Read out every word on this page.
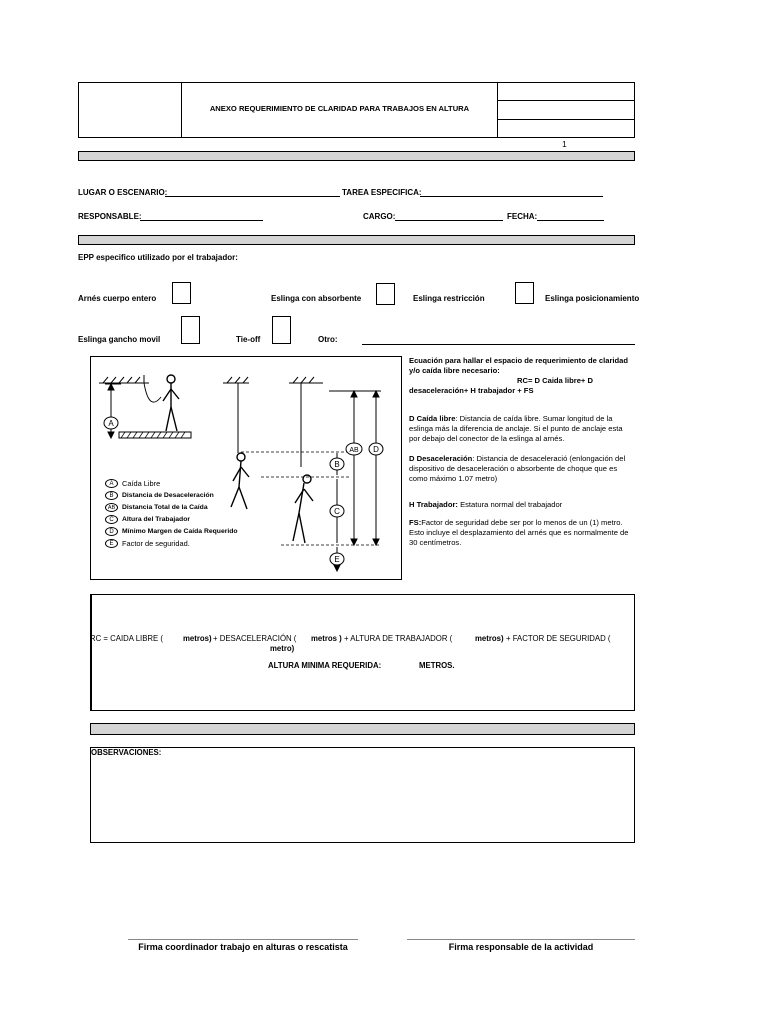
ANEXO REQUERIMIENTO DE CLARIDAD PARA TRABAJOS EN ALTURA
1
LUGAR O ESCENARIO:	TAREA ESPECIFICA:
RESPONSABLE:	CARGO:	FECHA:
EPP especifico utilizado por el trabajador:
Arnés cuerpo entero	Eslinga con absorbente	Eslinga restricción	Eslinga posicionamiento
Eslinga gancho movil	Tie-off	Otro:
A
AB D
B
C
E
A	Caída Libre
B	Distancia de Desaceleración
AB	Distancia Total de la Caída
C	Altura del Trabajador
D	Mínimo Margen de Caída Requerido
E	Factor de seguridad.
Ecuación para hallar el espacio de requerimiento de claridad y/o caída libre necesario:
RC= D Caida libre+ D
desaceleración+ H trabajador + FS
D Caída libre: Distancia de caída libre. Sumar longitud de la eslinga más la diferencia de anclaje. Si el punto de anclaje esta por debajo del conector de la eslinga al arnés.
D Desaceleración: Distancia de desaceleració (enlongación del dispositivo de desaceleración o absorbente de choque que es como máximo 1.07 metro)
H Trabajador: Estatura normal del trabajador
FS:Factor de seguridad debe ser por lo menos de un (1) metro. Esto incluye el desplazamiento del arnés que es normalmente de 30 centímetros.
RC = CAIDA LIBRE (	metros) + DESACELERACIÓN ( metros ) + ALTURA DE TRABAJADOR (	metros) + FACTOR DE SEGURIDAD (
metro)
ALTURA MINIMA REQUERIDA:	METROS.
OBSERVACIONES:
Firma coordinador trabajo en alturas o rescatista	Firma responsable de la actividad
